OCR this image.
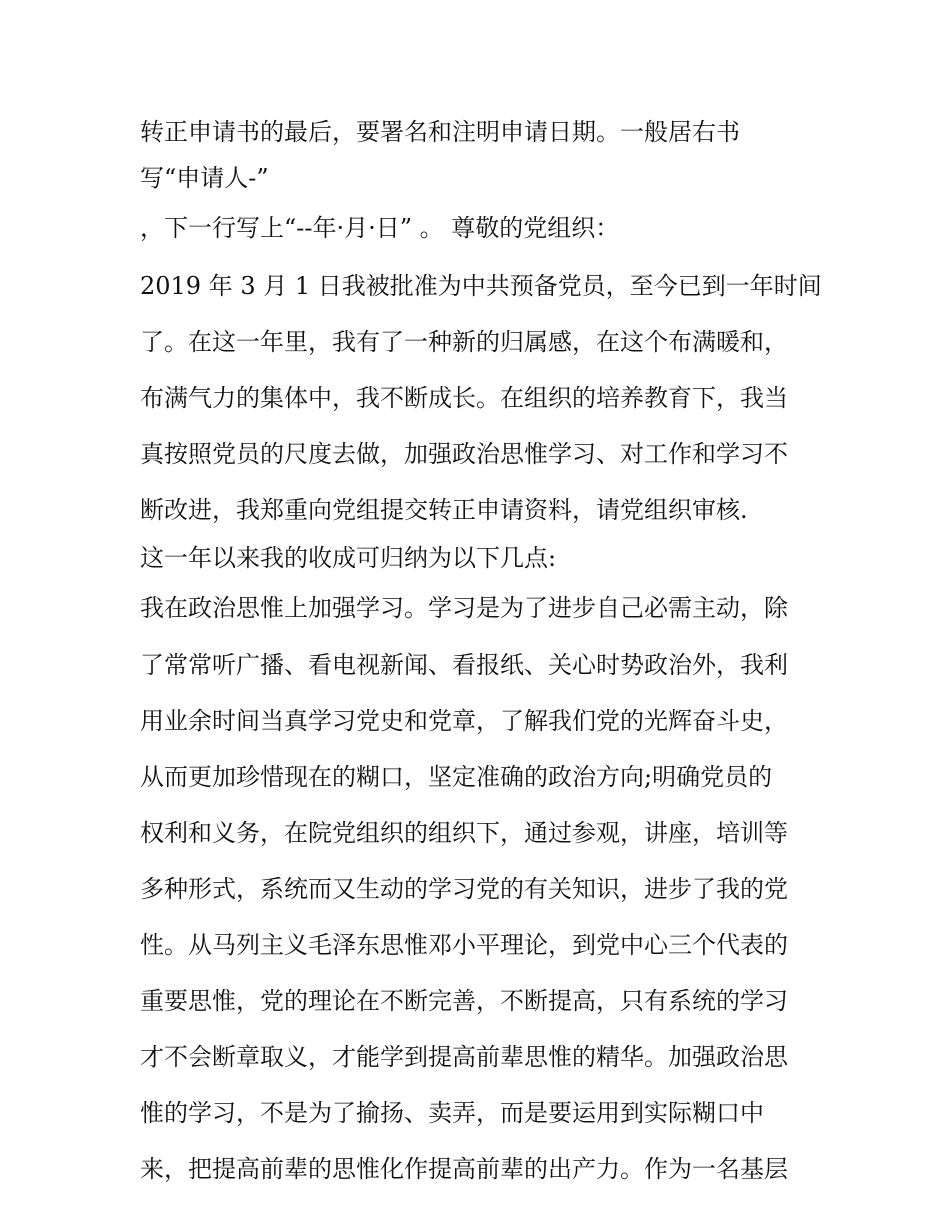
转正申请书的最后，要署名和注明申请日期。一般居右书

写“申请人-”

，下一行写上“--年·月·日” 。 尊敬的党组织：

2019 年 3 月 1 日我被批准为中共预备党员，至今已到一年时间

了。在这一年里，我有了一种新的归属感，在这个布满暖和，

布满气力的集体中，我不断成长。在组织的培养教育下，我当

真按照党员的尺度去做，加强政治思惟学习、对工作和学习不

断改进，我郑重向党组提交转正申请资料，请党组织审核.

这一年以来我的收成可归纳为以下几点:

我在政治思惟上加强学习。学习是为了进步自己必需主动，除

了常常听广播、看电视新闻、看报纸、关心时势政治外，我利

用业余时间当真学习党史和党章，了解我们党的光辉奋斗史，

从而更加珍惜现在的糊口，坚定准确的政治方向;明确党员的

权利和义务，在院党组织的组织下，通过参观，讲座，培训等

多种形式，系统而又生动的学习党的有关知识，进步了我的党

性。从马列主义毛泽东思惟邓小平理论，到党中心三个代表的

重要思惟，党的理论在不断完善，不断提高，只有系统的学习

才不会断章取义，才能学到提高前辈思惟的精华。加强政治思

惟的学习，不是为了揄扬、卖弄，而是要运用到实际糊口中

来，把提高前辈的思惟化作提高前辈的出产力。作为一名基层
